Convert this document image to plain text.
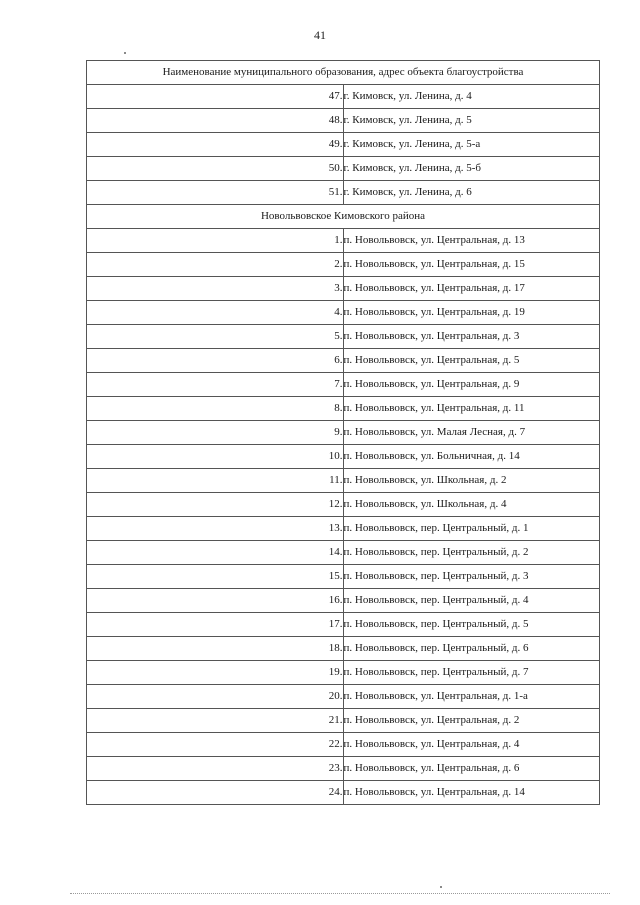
41
Наименование муниципального образования, адрес объекта благоустройства	
47.	г. Кимовск, ул. Ленина, д. 4
48.	г. Кимовск, ул. Ленина, д. 5
49.	г. Кимовск, ул. Ленина, д. 5-а
50.	г. Кимовск, ул. Ленина, д. 5-б
51.	г. Кимовск, ул. Ленина, д. 6
Новольвовское Кимовского района	
1.	п. Новольвовск, ул. Центральная, д. 13
2.	п. Новольвовск, ул. Центральная, д. 15
3.	п. Новольвовск, ул. Центральная, д. 17
4.	п. Новольвовск, ул. Центральная, д. 19
5.	п. Новольвовск, ул. Центральная, д. 3
6.	п. Новольвовск, ул. Центральная, д. 5
7.	п. Новольвовск, ул. Центральная, д. 9
8.	п. Новольвовск, ул. Центральная, д. 11
9.	п. Новольвовск, ул. Малая Лесная, д. 7
10.	п. Новольвовск, ул. Больничная, д. 14
11.	п. Новольвовск, ул. Школьная, д. 2
12.	п. Новольвовск, ул. Школьная, д. 4
13.	п. Новольвовск, пер. Центральный, д. 1
14.	п. Новольвовск, пер. Центральный, д. 2
15.	п. Новольвовск, пер. Центральный, д. 3
16.	п. Новольвовск, пер. Центральный, д. 4
17.	п. Новольвовск, пер. Центральный, д. 5
18.	п. Новольвовск, пер. Центральный, д. 6
19.	п. Новольвовск, пер. Центральный, д. 7
20.	п. Новольвовск, ул. Центральная, д. 1-а
21.	п. Новольвовск, ул. Центральная, д. 2
22.	п. Новольвовск, ул. Центральная, д. 4
23.	п. Новольвовск, ул. Центральная, д. 6
24.	п. Новольвовск, ул. Центральная, д. 14
